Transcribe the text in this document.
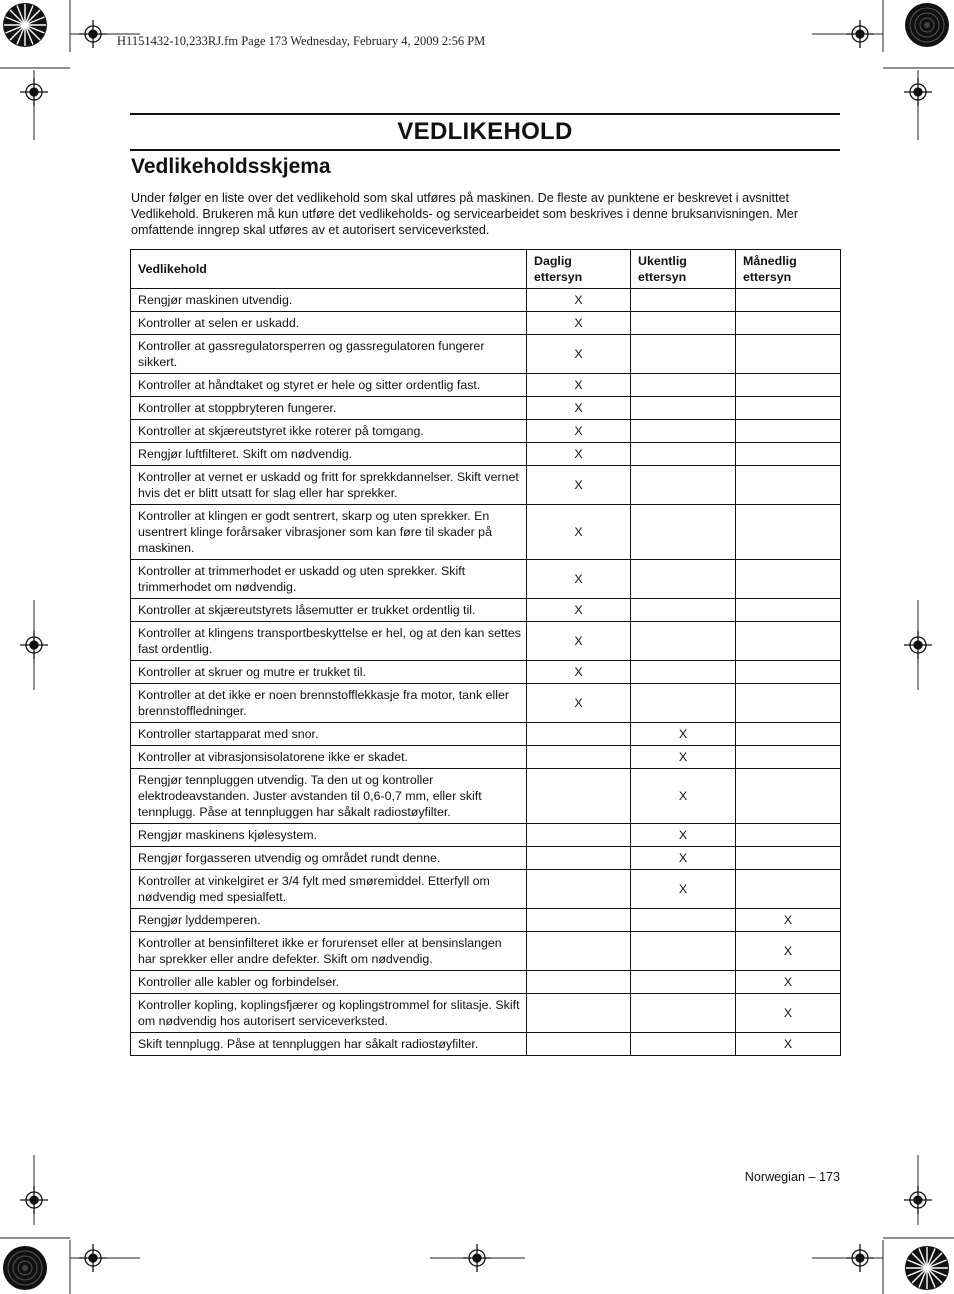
H1151432-10,233RJ.fm Page 173 Wednesday, February 4, 2009 2:56 PM
VEDLIKEHOLD
Vedlikeholdsskjema
Under følger en liste over det vedlikehold som skal utføres på maskinen. De fleste av punktene er beskrevet i avsnittet Vedlikehold. Brukeren må kun utføre det vedlikeholds- og servicearbeidet som beskrives i denne bruksanvisningen. Mer omfattende inngrep skal utføres av et autorisert serviceverksted.
Vedlikehold	Daglig ettersyn	Ukentlig ettersyn	Månedlig ettersyn
Rengjør maskinen utvendig.	X		
Kontroller at selen er uskadd.	X		
Kontroller at gassregulatorsperren og gassregulatoren fungerer sikkert.	X		
Kontroller at håndtaket og styret er hele og sitter ordentlig fast.	X		
Kontroller at stoppbryteren fungerer.	X		
Kontroller at skjæreutstyret ikke roterer på tomgang.	X		
Rengjør luftfilteret. Skift om nødvendig.	X		
Kontroller at vernet er uskadd og fritt for sprekkdannelser. Skift vernet hvis det er blitt utsatt for slag eller har sprekker.	X		
Kontroller at klingen er godt sentrert, skarp og uten sprekker. En usentrert klinge forårsaker vibrasjoner som kan føre til skader på maskinen.	X		
Kontroller at trimmerhodet er uskadd og uten sprekker. Skift trimmerhodet om nødvendig.	X		
Kontroller at skjæreutstyrets låsemutter er trukket ordentlig til.	X		
Kontroller at klingens transportbeskyttelse er hel, og at den kan settes fast ordentlig.	X		
Kontroller at skruer og mutre er trukket til.	X		
Kontroller at det ikke er noen brennstofflekkasje fra motor, tank eller brennstoffledninger.	X		
Kontroller startapparat med snor.		X	
Kontroller at vibrasjonsisolatorene ikke er skadet.		X	
Rengjør tennpluggen utvendig. Ta den ut og kontroller elektrodeavstanden. Juster avstanden til 0,6-0,7 mm, eller skift tennplugg. Påse at tennpluggen har såkalt radiostøyfilter.		X	
Rengjør maskinens kjølesystem.		X	
Rengjør forgasseren utvendig og området rundt denne.		X	
Kontroller at vinkelgiret er 3/4 fylt med smøremiddel. Etterfyll om nødvendig med spesialfett.		X	
Rengjør lyddemperen.			X
Kontroller at bensinfilteret ikke er forurenset eller at bensinslangen har sprekker eller andre defekter. Skift om nødvendig.			X
Kontroller alle kabler og forbindelser.			X
Kontroller kopling, koplingsfjærer og koplingstrommel for slitasje. Skift om nødvendig hos autorisert serviceverksted.			X
Skift tennplugg. Påse at tennpluggen har såkalt radiostøyfilter.			X
Norwegian – 173
